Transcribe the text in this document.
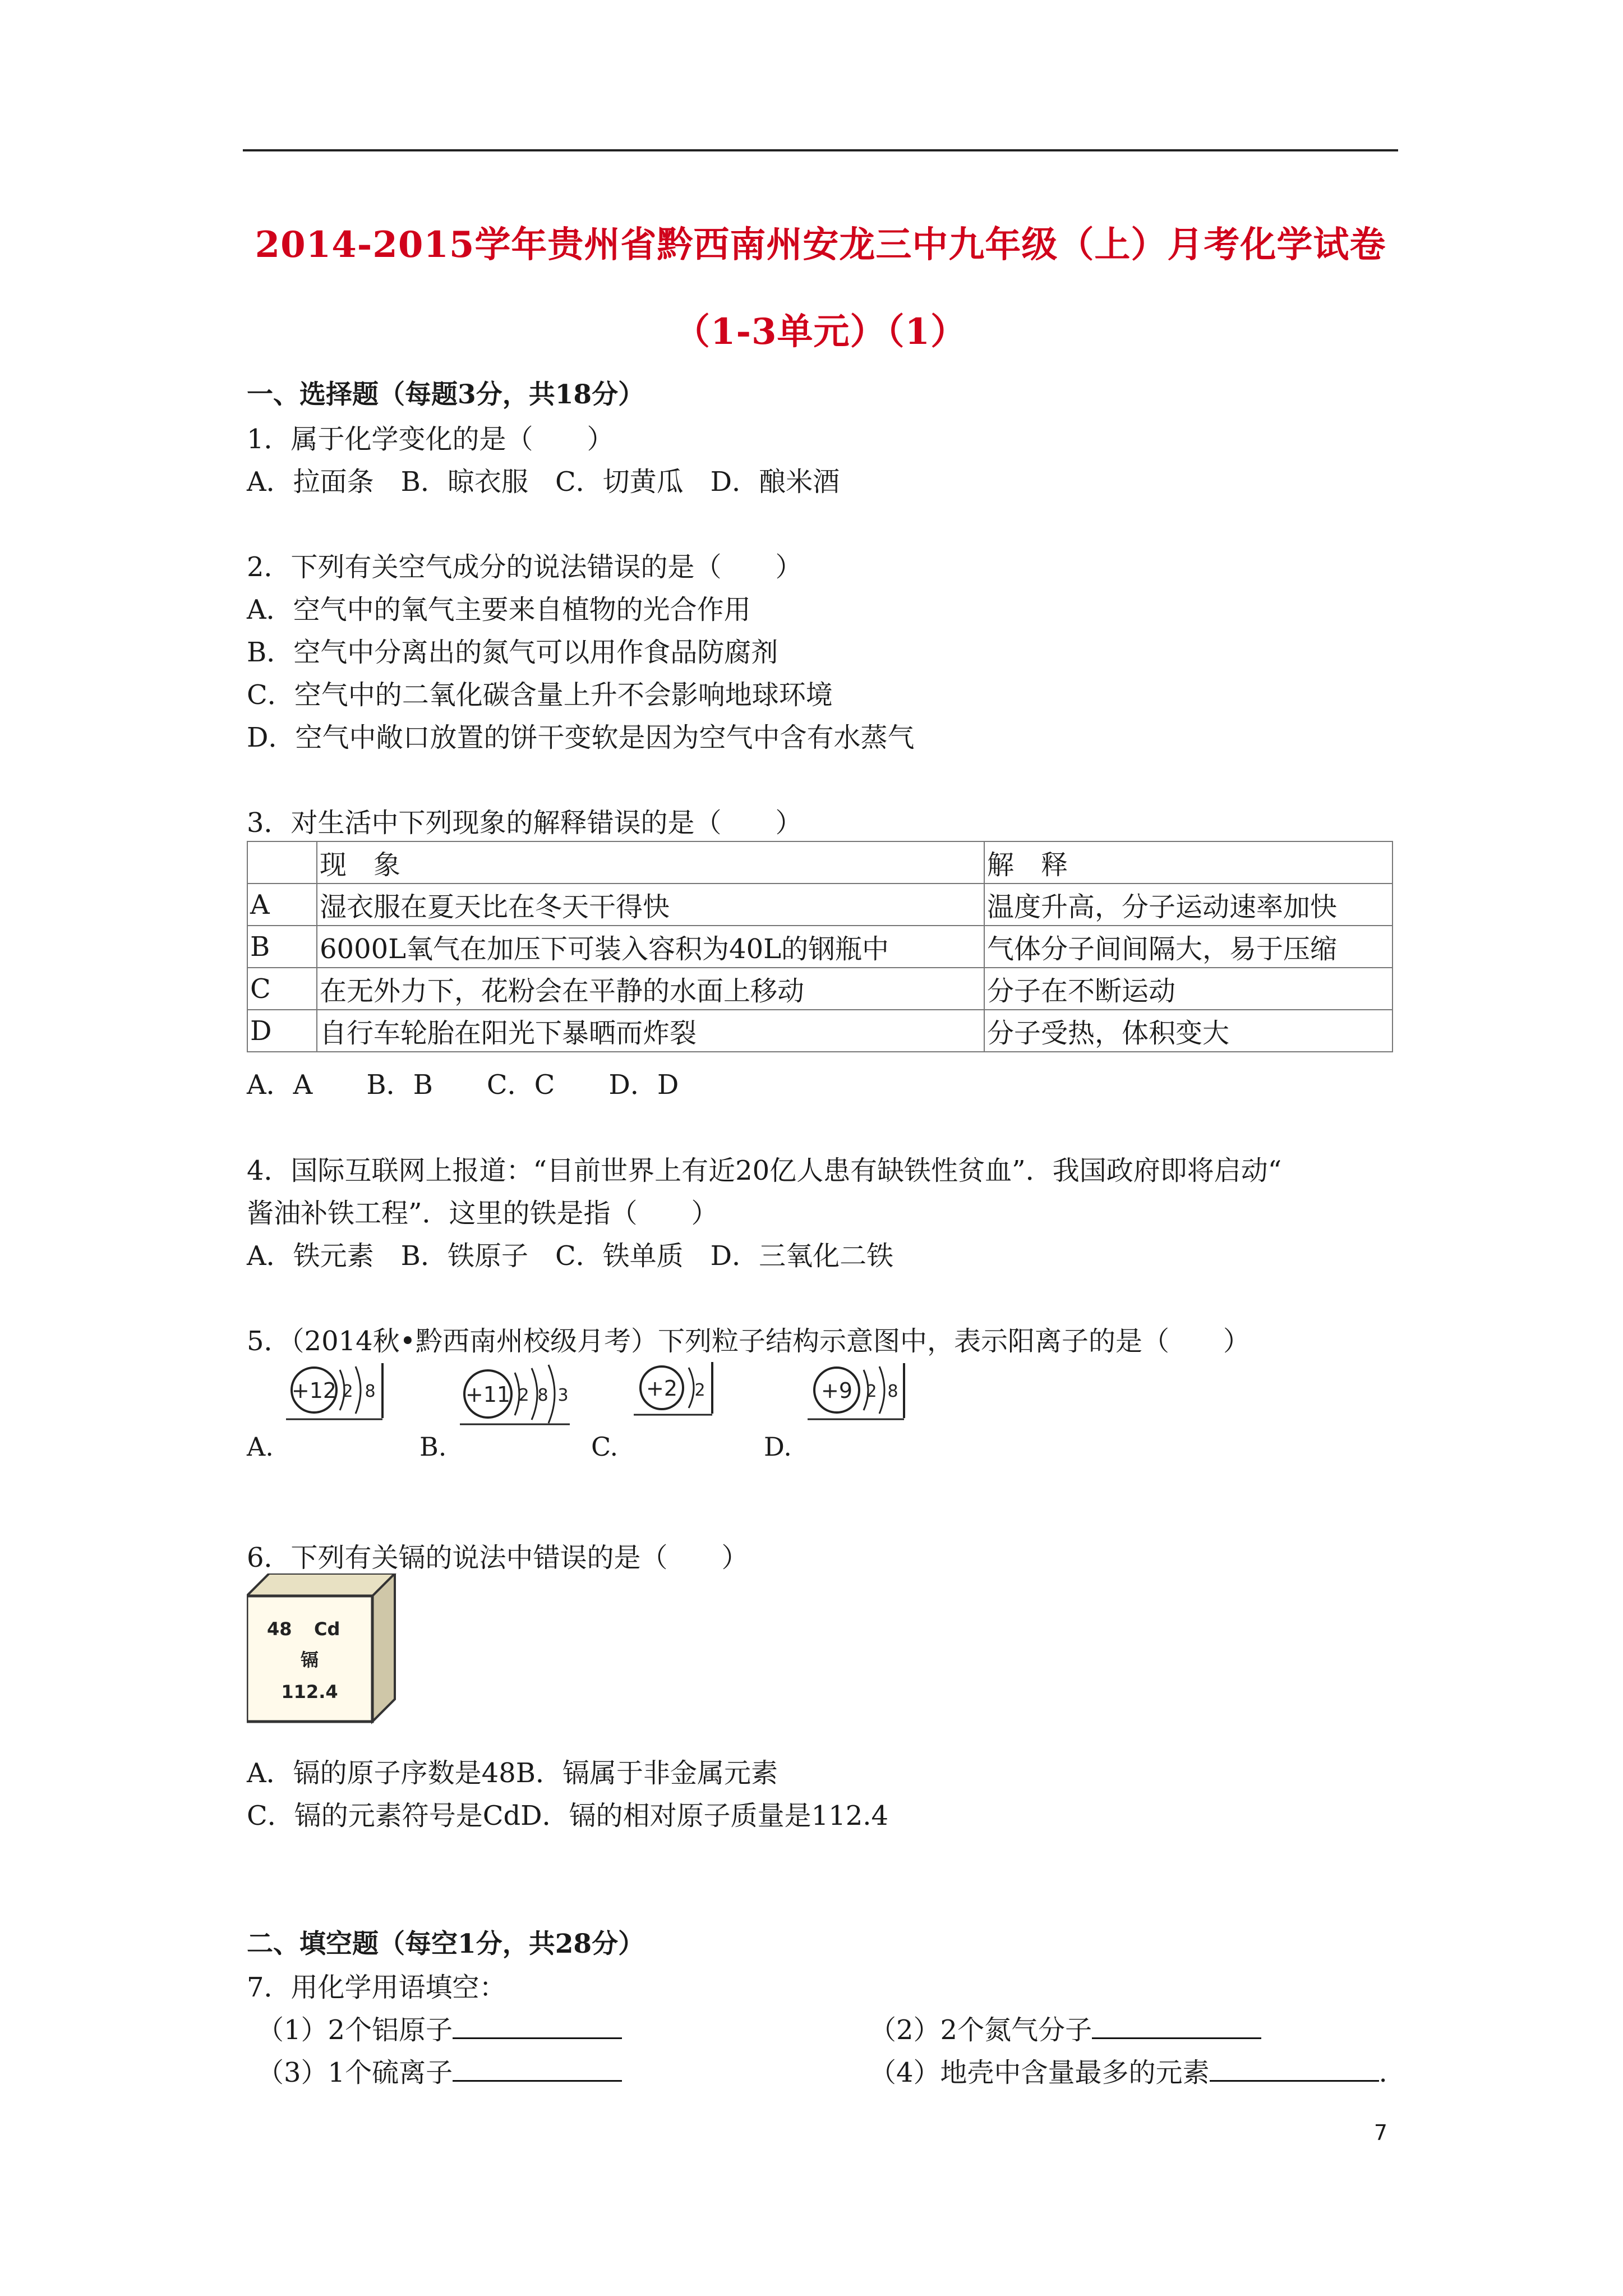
2014-2015学年贵州省黔西南州安龙三中九年级（上）月考化学试卷
（1-3单元）（1）
一、选择题（每题3分，共18分）
1．属于化学变化的是（　　）
A．拉面条　B．晾衣服　C．切黄瓜　D．酿米酒
2．下列有关空气成分的说法错误的是（　　）
A．空气中的氧气主要来自植物的光合作用
B．空气中分离出的氮气可以用作食品防腐剂
C．空气中的二氧化碳含量上升不会影响地球环境
D．空气中敞口放置的饼干变软是因为空气中含有水蒸气
3．对生活中下列现象的解释错误的是（　　）
	现　象	解　释
A	湿衣服在夏天比在冬天干得快	温度升高，分子运动速率加快
B	6000L氧气在加压下可装入容积为40L的钢瓶中	气体分子间间隔大，易于压缩
C	在无外力下，花粉会在平静的水面上移动	分子在不断运动
D	自行车轮胎在阳光下暴晒而炸裂	分子受热，体积变大
A．A　　B．B　　C．C　　D．D
4．国际互联网上报道：“目前世界上有近20亿人患有缺铁性贫血”．我国政府即将启动“
酱油补铁工程”．这里的铁是指（　　）
A．铁元素　B．铁原子　C．铁单质　D．三氧化二铁
5．（2014秋•黔西南州校级月考）下列粒子结构示意图中，表示阳离子的是（　　）
+12 2 8	+11 2 8 3	+2 2	+9 2 8
A.	B.	C.	D.
6．下列有关镉的说法中错误的是（　　）
48 Cd
镉
112.4
A．镉的原子序数是48B．镉属于非金属元素
C．镉的元素符号是CdD．镉的相对原子质量是112.4
二、填空题（每空1分，共28分）
7．用化学用语填空：
（1）2个铝原子	（2）2个氮气分子
（3）1个硫离子	（4）地壳中含量最多的元素	.
7
